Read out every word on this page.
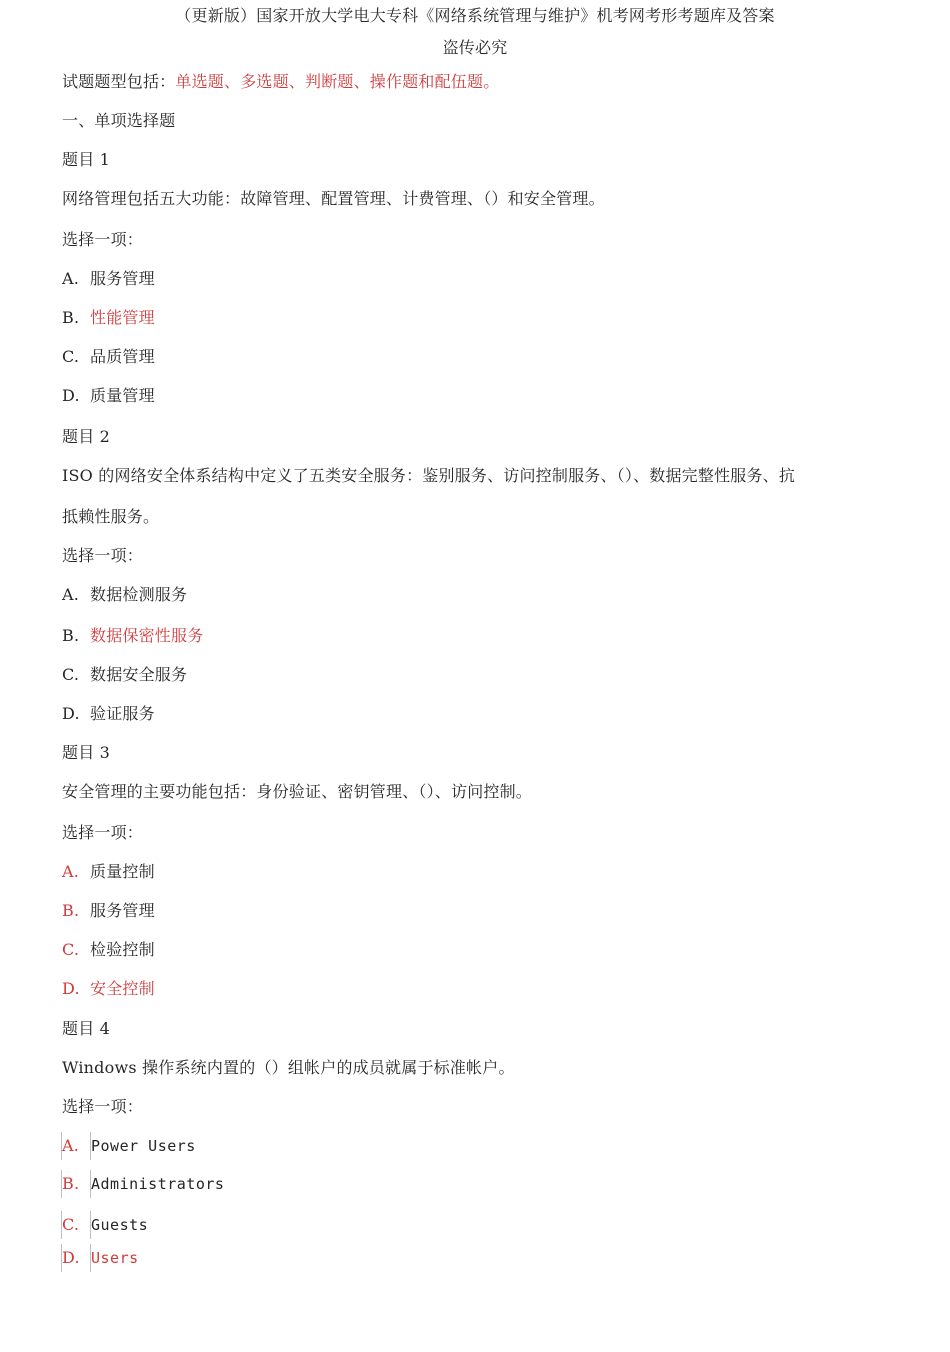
（更新版）国家开放大学电大专科《网络系统管理与维护》机考网考形考题库及答案
盗传必究
试题题型包括：单选题、多选题、判断题、操作题和配伍题。
一、单项选择题
题目 1
网络管理包括五大功能：故障管理、配置管理、计费管理、（）和安全管理。
选择一项：
A. 服务管理
B. 性能管理
C. 品质管理
D. 质量管理
题目 2
ISO 的网络安全体系结构中定义了五类安全服务：鉴别服务、访问控制服务、（）、数据完整性服务、抗
抵赖性服务。
选择一项：
A. 数据检测服务
B. 数据保密性服务
C. 数据安全服务
D. 验证服务
题目 3
安全管理的主要功能包括：身份验证、密钥管理、（）、访问控制。
选择一项：
A. 质量控制
B. 服务管理
C. 检验控制
D. 安全控制
题目 4
Windows 操作系统内置的（）组帐户的成员就属于标准帐户。
选择一项：
A. Power Users
B. Administrators
C. Guests
D. Users
